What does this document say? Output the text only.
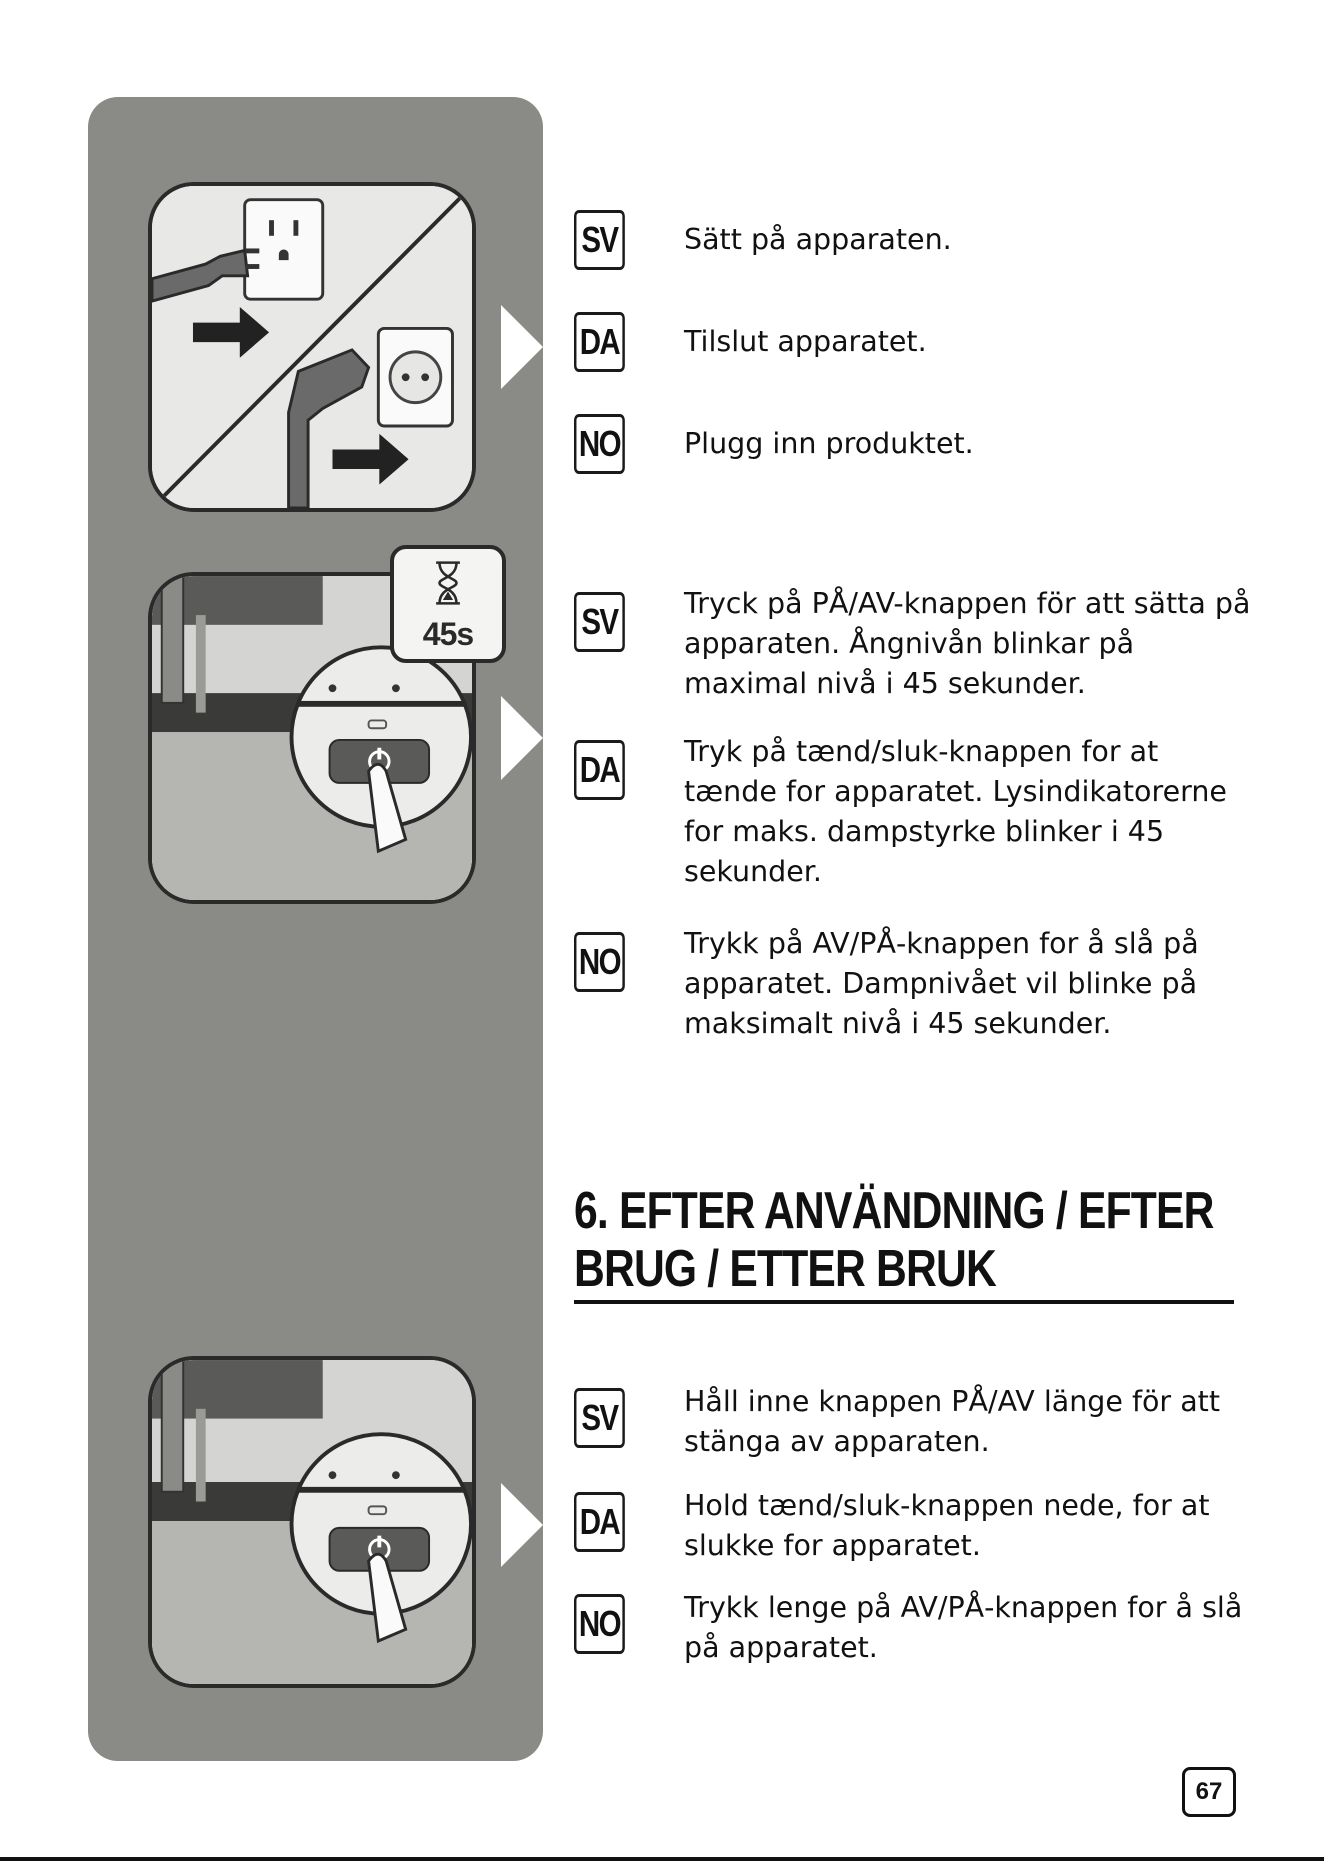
45s
SV Sätt på apparaten.
DA Tilslut apparatet.
NO Plugg inn produktet.
SV Tryck på PÅ/AV-knappen för att sätta på apparaten. Ångnivån blinkar på maximal nivå i 45 sekunder.
DA Tryk på tænd/sluk-knappen for at tænde for apparatet. Lysindikatorerne for maks. dampstyrke blinker i 45 sekunder.
NO Trykk på AV/PÅ-knappen for å slå på apparatet. Dampnivået vil blinke på maksimalt nivå i 45 sekunder.
6. EFTER ANVÄNDNING / EFTER
BRUG / ETTER BRUK
SV Håll inne knappen PÅ/AV länge för att stänga av apparaten.
DA Hold tænd/sluk-knappen nede, for at slukke for apparatet.
NO Trykk lenge på AV/PÅ-knappen for å slå på apparatet.
67
